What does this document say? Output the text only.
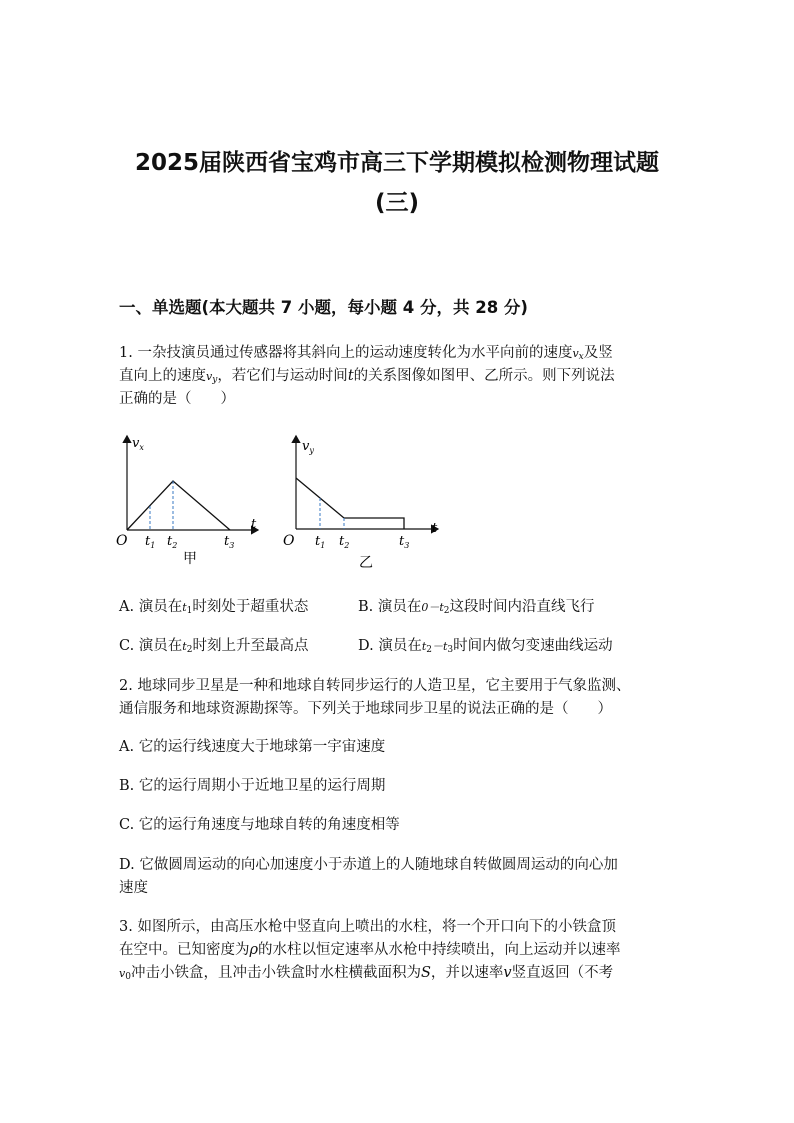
2025届陕西省宝鸡市高三下学期模拟检测物理试题
(三)
一、单选题(本大题共 7 小题，每小题 4 分，共 28 分)
1. 一杂技演员通过传感器将其斜向上的运动速度转化为水平向前的速度$v_x$及竖
直向上的速度$v_y$，若它们与运动时间t的关系图像如图甲、乙所示。则下列说法
正确的是（　　）
$v_x$
t
O $t_1$ $t_2$	$t_3$
甲
$v_y$
t
O $t_1$ $t_2$	$t_3$
乙
A. 演员在$t_1$时刻处于超重状态	B. 演员在$0-t_2$这段时间内沿直线飞行
C. 演员在$t_2$时刻上升至最高点	D. 演员在$t_2-t_3$时间内做匀变速曲线运动
2. 地球同步卫星是一种和地球自转同步运行的人造卫星，它主要用于气象监测、
通信服务和地球资源勘探等。下列关于地球同步卫星的说法正确的是（　　）
A. 它的运行线速度大于地球第一宇宙速度
B. 它的运行周期小于近地卫星的运行周期
C. 它的运行角速度与地球自转的角速度相等
D. 它做圆周运动的向心加速度小于赤道上的人随地球自转做圆周运动的向心加
速度
3. 如图所示，由高压水枪中竖直向上喷出的水柱，将一个开口向下的小铁盒顶
在空中。已知密度为ρ的水柱以恒定速率从水枪中持续喷出，向上运动并以速率
$v_0$冲击小铁盒，且冲击小铁盒时水柱横截面积为S，并以速率v竖直返回（不考
